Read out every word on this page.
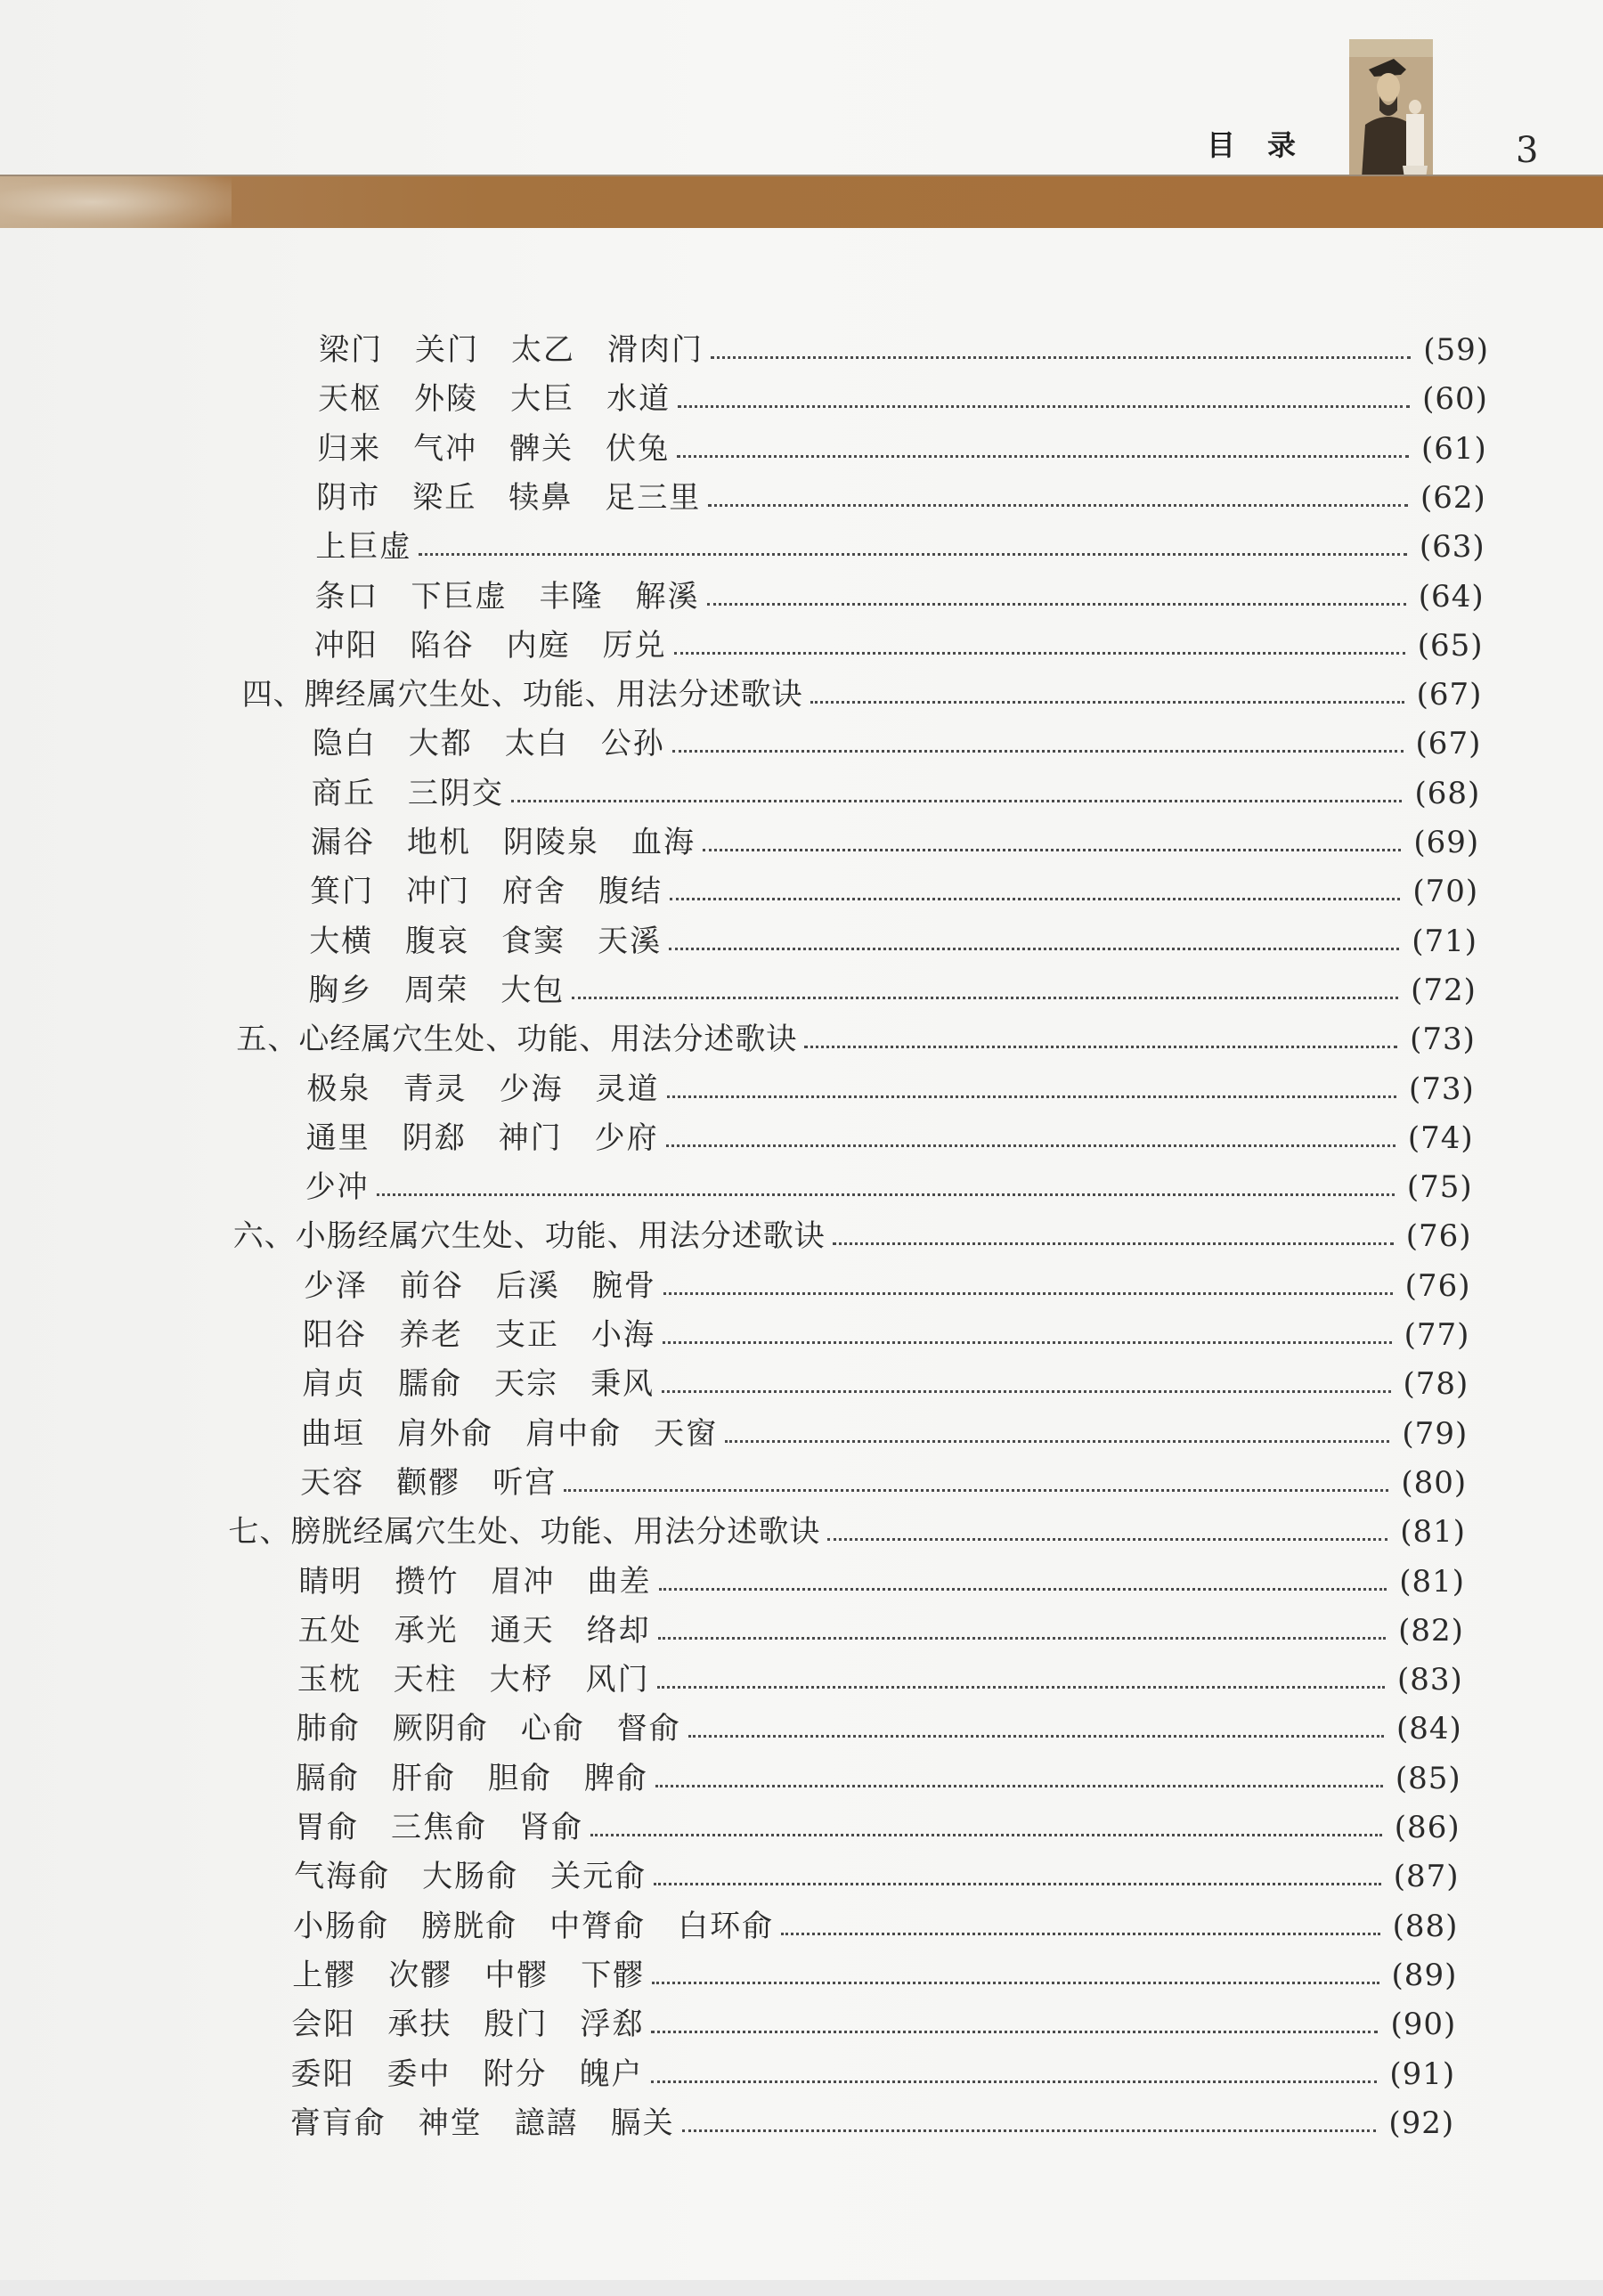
目录	3
梁门　关门　太乙　滑肉门	(59)
天枢　外陵　大巨　水道	(60)
归来　气冲　髀关　伏兔	(61)
阴市　梁丘　犊鼻　足三里	(62)
上巨虚	(63)
条口　下巨虚　丰隆　解溪	(64)
冲阳　陷谷　内庭　厉兑	(65)
四、脾经属穴生处、功能、用法分述歌诀	(67)
隐白　大都　太白　公孙	(67)
商丘　三阴交	(68)
漏谷　地机　阴陵泉　血海	(69)
箕门　冲门　府舍　腹结	(70)
大横　腹哀　食窦　天溪	(71)
胸乡　周荣　大包	(72)
五、心经属穴生处、功能、用法分述歌诀	(73)
极泉　青灵　少海　灵道	(73)
通里　阴郄　神门　少府	(74)
少冲	(75)
六、小肠经属穴生处、功能、用法分述歌诀	(76)
少泽　前谷　后溪　腕骨	(76)
阳谷　养老　支正　小海	(77)
肩贞　臑俞　天宗　秉风	(78)
曲垣　肩外俞　肩中俞　天窗	(79)
天容　颧髎　听宫	(80)
七、膀胱经属穴生处、功能、用法分述歌诀	(81)
睛明　攒竹　眉冲　曲差	(81)
五处　承光　通天　络却	(82)
玉枕　天柱　大杼　风门	(83)
肺俞　厥阴俞　心俞　督俞	(84)
膈俞　肝俞　胆俞　脾俞	(85)
胃俞　三焦俞　肾俞	(86)
气海俞　大肠俞　关元俞	(87)
小肠俞　膀胱俞　中膂俞　白环俞	(88)
上髎　次髎　中髎　下髎	(89)
会阳　承扶　殷门　浮郄	(90)
委阳　委中　附分　魄户	(91)
膏肓俞　神堂　譩譆　膈关	(92)
